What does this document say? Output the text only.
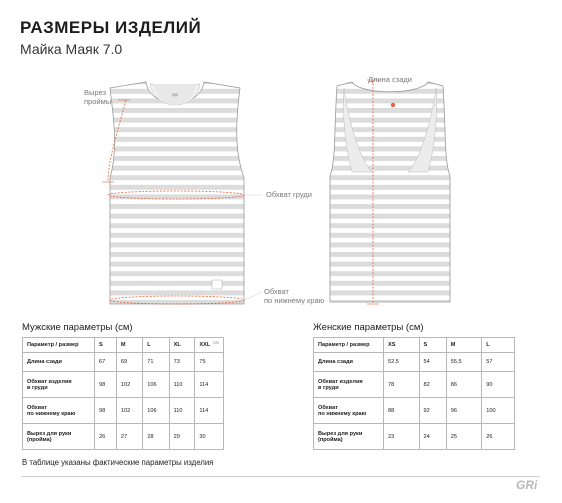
РАЗМЕРЫ ИЗДЕЛИЙ
Майка Маяк 7.0
Вырез
проймы
Длина сзади
Обхват груди
Обхват
по нижнему краю
GRi
GRi
Мужские параметры (см)
Параметр / размер	S	M	L	XL	XXL
Длина сзади	67	69	71	73	75
Обхват изделия
в груди	98	102	106	110	114
Обхват
по нижнему краю	98	102	106	110	114
Вырез для руки
(пройма)	26	27	28	29	30
Женские параметры (см)
Параметр / размер	XS	S	M	L
Длина сзади	52,5	54	55,5	57
Обхват изделия
в груди	78	82	86	90
Обхват
по нижнему краю	88	92	96	100
Вырез для руки
(пройма)	23	24	25	26
В таблице указаны фактические параметры изделия
GRi
